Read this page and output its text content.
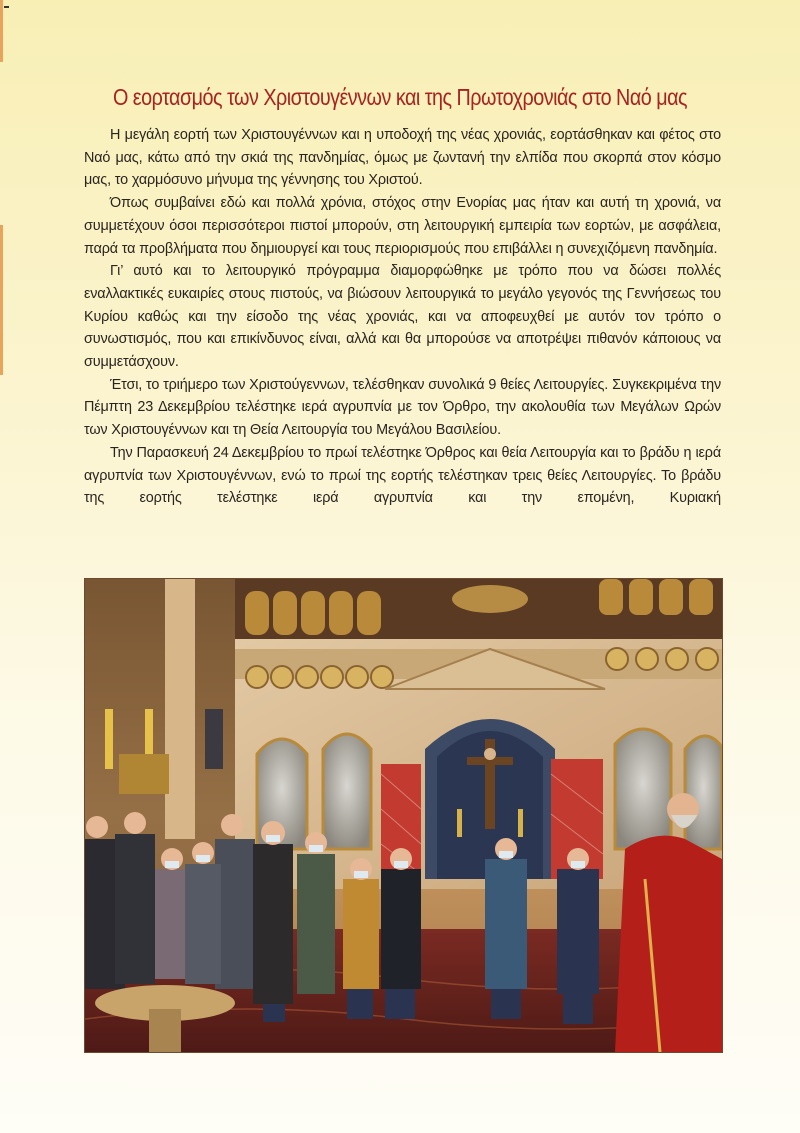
Ο εορτασμός των Χριστουγέννων και της Πρωτοχρονιάς στο Ναό μας

Η μεγάλη εορτή των Χριστουγέννων και η υποδοχή της νέας χρονιάς, εορτάσθηκαν και φέτος στο Ναό μας, κάτω από την σκιά της πανδημίας, όμως με ζωντανή την ελπίδα που σκορπά στον κόσμο μας, το χαρμόσυνο μήνυμα της γέννησης του Χριστού.

Όπως συμβαίνει εδώ και πολλά χρόνια, στόχος στην Ενορίας μας ήταν και αυτή τη χρονιά, να συμμετέχουν όσοι περισσότεροι πιστοί μπορούν, στη λειτουργική εμπειρία των εορτών, με ασφάλεια, παρά τα προβλήματα που δημιουργεί και τους περιορισμούς που επιβάλλει η συνεχιζόμενη πανδημία.

Γι’ αυτό και το λειτουργικό πρόγραμμα διαμορφώθηκε με τρόπο που να δώσει πολλές εναλλακτικές ευκαιρίες στους πιστούς, να βιώσουν λειτουργικά το μεγάλο γεγονός της Γεννήσεως του Κυρίου καθώς και την είσοδο της νέας χρονιάς, και να αποφευχθεί με αυτόν τον τρόπο ο συνωστισμός, που και επικίνδυνος είναι, αλλά και θα μπορούσε να αποτρέψει πιθανόν κάποιους να συμμετάσχουν.

Έτσι, το τριήμερο των Χριστούγεννων, τελέσθηκαν συνολικά 9 θείες Λειτουργίες. Συγκεκριμένα την Πέμπτη 23 Δεκεμβρίου τελέστηκε ιερά αγρυπνία με τον Όρθρο, την ακολουθία των Μεγάλων Ωρών των Χριστουγέννων και τη Θεία Λειτουργία του Μεγάλου Βασιλείου.

Την Παρασκευή 24 Δεκεμβρίου το πρωί τελέστηκε Όρθρος και θεία Λειτουργία και το βράδυ η ιερά αγρυπνία των Χριστουγέννων, ενώ το πρωί της εορτής τελέστηκαν τρεις θείες Λειτουργίες. Το βράδυ της εορτής τελέστηκε ιερά αγρυπνία και την επομένη, Κυριακή
